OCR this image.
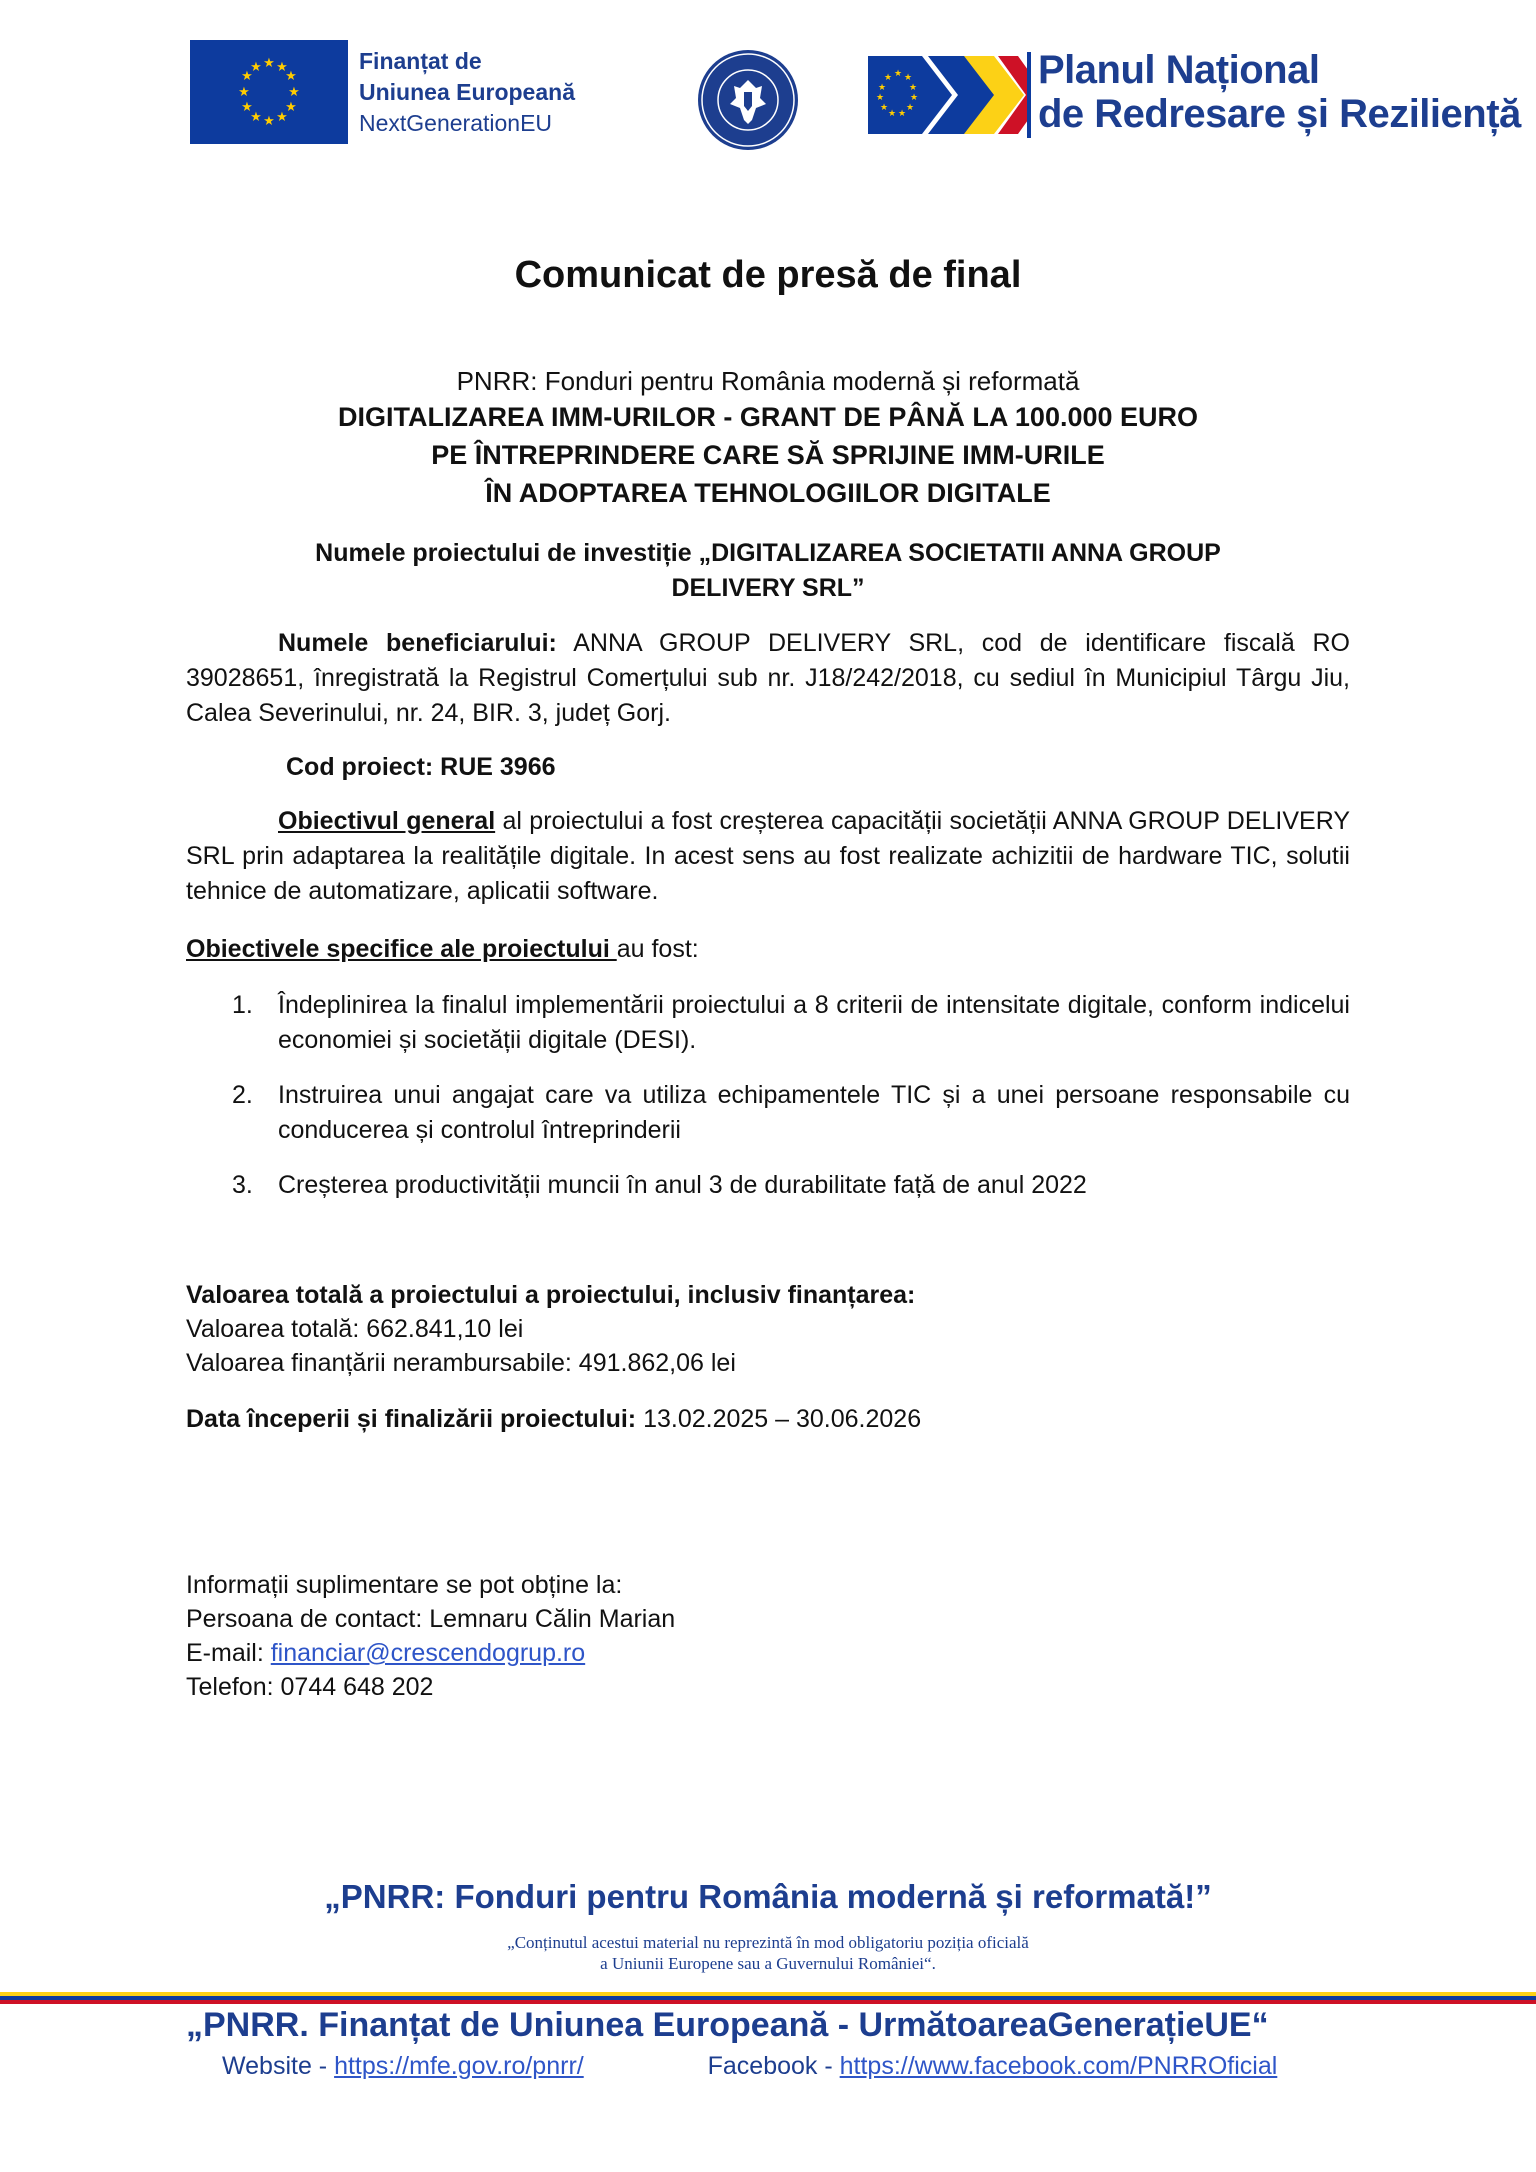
★ ★
★
★
★
★
★
★
★
★
★
★	Finanțat de
Uniunea Europeană
NextGenerationEU
★ ★
★
★
★
★
★
★
★
★
★	Planul Național
de Redresare și Reziliență
Comunicat de presă de final
PNRR: Fonduri pentru România modernă și reformată
DIGITALIZAREA IMM-URILOR - GRANT DE PÂNĂ LA 100.000 EURO
PE ÎNTREPRINDERE CARE SĂ SPRIJINE IMM-URILE
ÎN ADOPTAREA TEHNOLOGIILOR DIGITALE
Numele proiectului de investiție „DIGITALIZAREA SOCIETATII ANNA GROUP
DELIVERY SRL”
Numele beneficiarului: ANNA GROUP DELIVERY SRL, cod de identificare fiscală RO 39028651, înregistrată la Registrul Comerțului sub nr. J18/242/2018, cu sediul în Municipiul Târgu Jiu, Calea Severinului, nr. 24, BIR. 3, județ Gorj.
Cod proiect: RUE 3966
Obiectivul general al proiectului a fost creșterea capacității societății ANNA GROUP DELIVERY SRL prin adaptarea la realitățile digitale. In acest sens au fost realizate achizitii de hardware TIC, solutii tehnice de automatizare, aplicatii software.
Obiectivele specifice ale proiectului au fost:
1. Îndeplinirea la finalul implementării proiectului a 8 criterii de intensitate digitale, conform indicelui economiei și societății digitale (DESI).
2. Instruirea unui angajat care va utiliza echipamentele TIC și a unei persoane responsabile cu conducerea și controlul întreprinderii
3. Creșterea productivității muncii în anul 3 de durabilitate față de anul 2022
Valoarea totală a proiectului a proiectului, inclusiv finanțarea:
Valoarea totală: 662.841,10 lei
Valoarea finanțării nerambursabile: 491.862,06 lei
Data începerii și finalizării proiectului: 13.02.2025 – 30.06.2026
Informații suplimentare se pot obține la:
Persoana de contact: Lemnaru Călin Marian
E-mail: financiar@crescendogrup.ro
Telefon: 0744 648 202
„PNRR: Fonduri pentru România modernă și reformată!”
„Conținutul acestui material nu reprezintă în mod obligatoriu poziția oficială
a Uniunii Europene sau a Guvernului României“.
„PNRR. Finanțat de Uniunea Europeană - UrmătoareaGenerațieUE“
Website - https://mfe.gov.ro/pnrr/	Facebook - https://www.facebook.com/PNRROficial
